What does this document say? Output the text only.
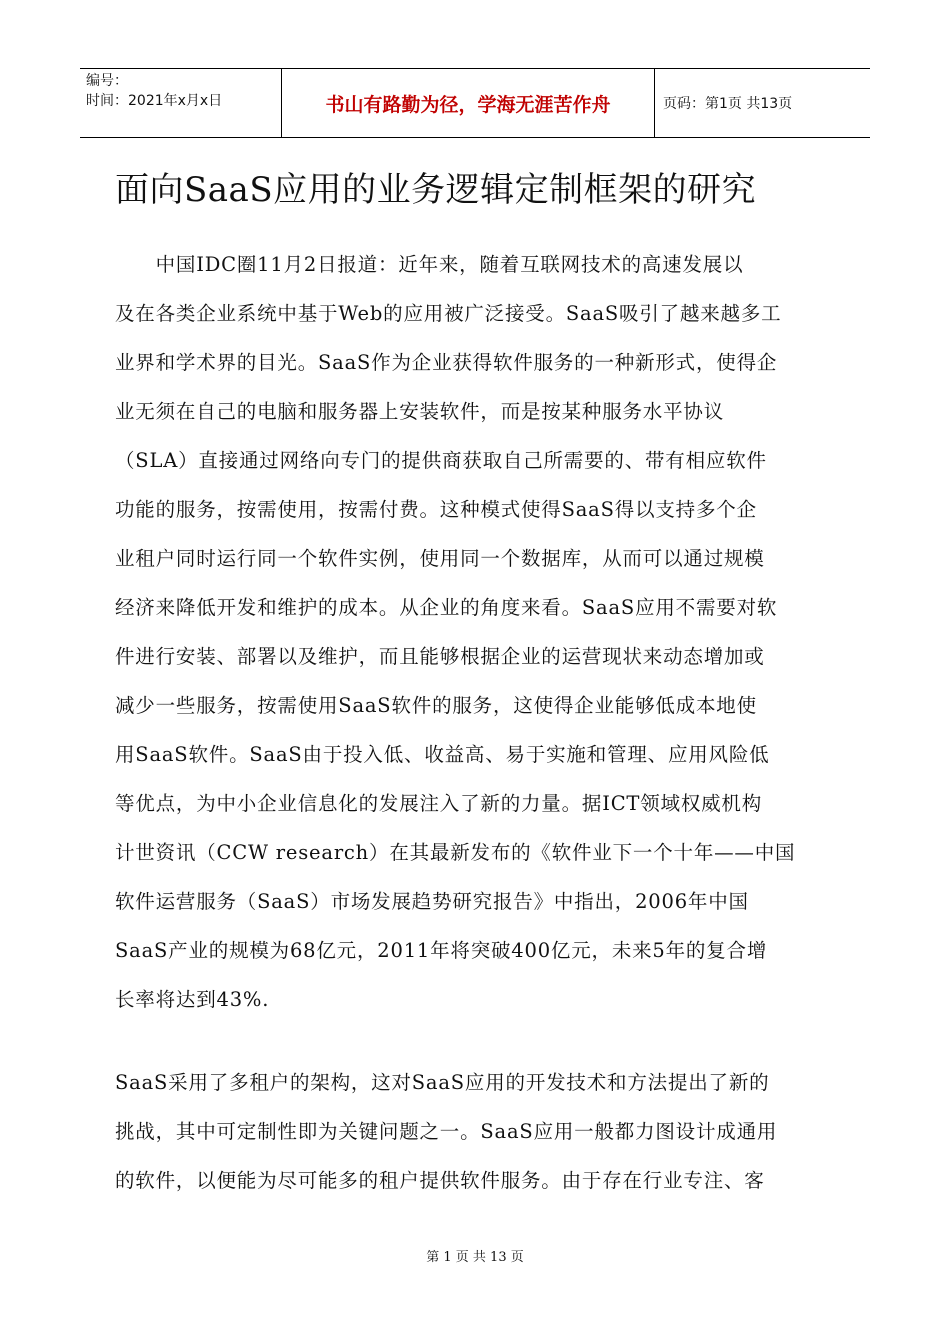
编号：
时间：2021年x月x日	书山有路勤为径，学海无涯苦作舟	页码：第1页 共13页
面向SaaS应用的业务逻辑定制框架的研究
　　中国IDC圈11月2日报道：近年来，随着互联网技术的高速发展以
及在各类企业系统中基于Web的应用被广泛接受。SaaS吸引了越来越多工
业界和学术界的目光。SaaS作为企业获得软件服务的一种新形式，使得企
业无须在自己的电脑和服务器上安装软件，而是按某种服务水平协议
（SLA）直接通过网络向专门的提供商获取自己所需要的、带有相应软件
功能的服务，按需使用，按需付费。这种模式使得SaaS得以支持多个企
业租户同时运行同一个软件实例，使用同一个数据库，从而可以通过规模
经济来降低开发和维护的成本。从企业的角度来看。SaaS应用不需要对软
件进行安装、部署以及维护，而且能够根据企业的运营现状来动态增加或
减少一些服务，按需使用SaaS软件的服务，这使得企业能够低成本地使
用SaaS软件。SaaS由于投入低、收益高、易于实施和管理、应用风险低
等优点，为中小企业信息化的发展注入了新的力量。据ICT领域权威机构
计世资讯（CCW research）在其最新发布的《软件业下一个十年——中国
软件运营服务（SaaS）市场发展趋势研究报告》中指出，2006年中国
SaaS产业的规模为68亿元，2011年将突破400亿元，未来5年的复合增
长率将达到43%.
SaaS采用了多租户的架构，这对SaaS应用的开发技术和方法提出了新的
挑战，其中可定制性即为关键问题之一。SaaS应用一般都力图设计成通用
的软件，以便能为尽可能多的租户提供软件服务。由于存在行业专注、客
第 1 页 共 13 页
